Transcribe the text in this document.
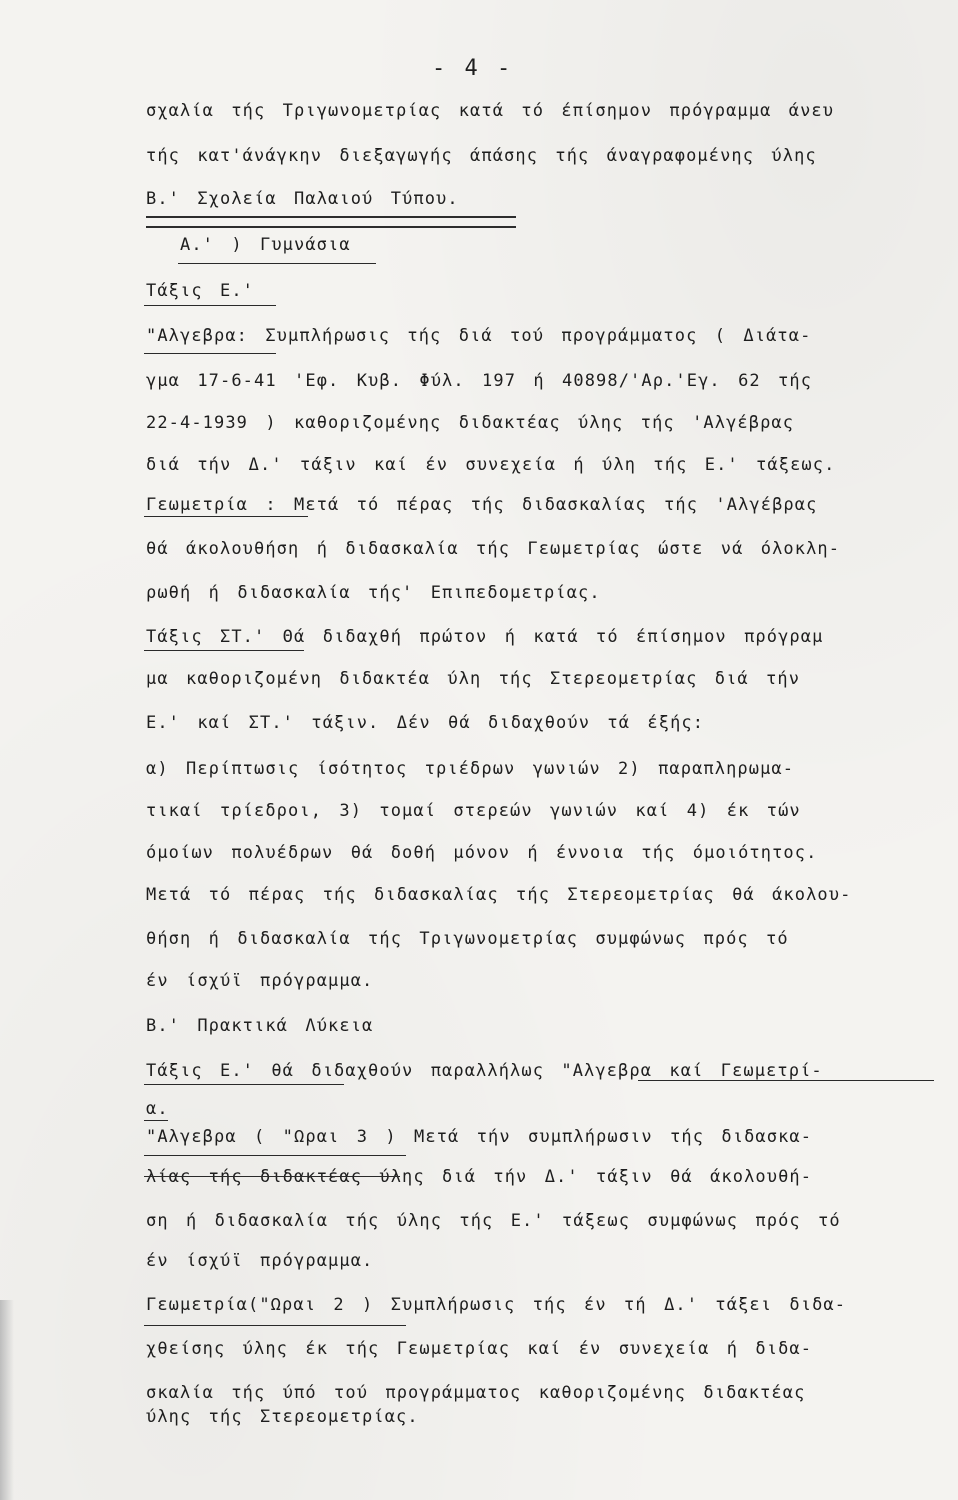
- 4 -
σχαλία τής Τριγωνομετρίας κατά τό έπίσημον πρόγραμμα άνευ
τής κατ'άνάγκην διεξαγωγής άπάσης τής άναγραφομένης ύλης
Β.' Σχολεία Παλαιού Τύπου.
Α.' ) Γυμνάσια
Τάξις Ε.'
"Αλγεβρα: Συμπλήρωσις τής διά τού προγράμματος ( Διάτα-
γμα 17-6-41 'Εφ. Κυβ. Φύλ. 197 ή 40898/'Αρ.'Εγ. 62 τής
22-4-1939 ) καθοριζομένης διδακτέας ύλης τής 'Αλγέβρας
διά τήν Δ.' τάξιν καί έν συνεχεία ή ύλη τής Ε.' τάξεως.
Γεωμετρία : Μετά τό πέρας τής διδασκαλίας τής 'Αλγέβρας
θά άκολουθήση ή διδασκαλία τής Γεωμετρίας ώστε νά όλοκλη-
ρωθή ή διδασκαλία τής' Επιπεδομετρίας.
Τάξις ΣΤ.' Θά διδαχθή πρώτον ή κατά τό έπίσημον πρόγραμ
μα καθοριζομένη διδακτέα ύλη τής Στερεομετρίας διά τήν
Ε.' καί ΣΤ.' τάξιν. Δέν θά διδαχθούν τά έξής:
α) Περίπτωσις ίσότητος τριέδρων γωνιών 2) παραπληρωμα-
τικαί τρίεδροι, 3) τομαί στερεών γωνιών καί 4) έκ τών
όμοίων πολυέδρων θά δοθή μόνον ή έννοια τής όμοιότητος.
Μετά τό πέρας τής διδασκαλίας τής Στερεομετρίας θά άκολου-
θήση ή διδασκαλία τής Τριγωνομετρίας συμφώνως πρός τό
έν ίσχύϊ πρόγραμμα.
Β.' Πρακτικά Λύκεια
Τάξις Ε.' θά διδαχθούν παραλλήλως "Αλγεβρα καί Γεωμετρί-
α.
"Αλγεβρα ( "Ωραι 3 ) Μετά τήν συμπλήρωσιν τής διδασκα-
λίας τής διδακτέας ύλης διά τήν Δ.' τάξιν θά άκολουθή-
ση ή διδασκαλία τής ύλης τής Ε.' τάξεως συμφώνως πρός τό
έν ίσχύϊ πρόγραμμα.
Γεωμετρία("Ωραι 2 ) Συμπλήρωσις τής έν τή Δ.' τάξει διδα-
χθείσης ύλης έκ τής Γεωμετρίας καί έν συνεχεία ή διδα-
σκαλία τής ύπό τού προγράμματος καθοριζομένης διδακτέας
ύλης τής Στερεομετρίας.
